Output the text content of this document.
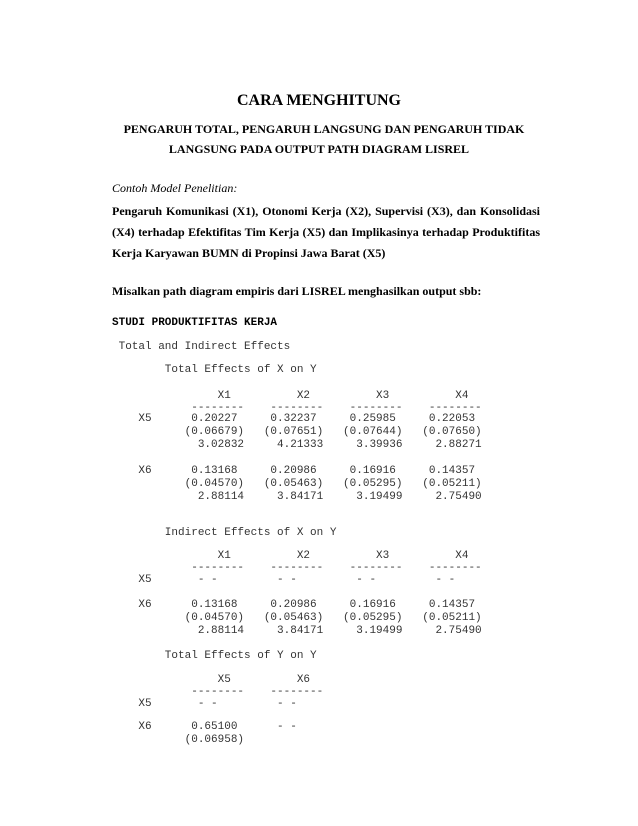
CARA MENGHITUNG
PENGARUH TOTAL, PENGARUH LANGSUNG DAN PENGARUH TIDAK
LANGSUNG PADA OUTPUT PATH DIAGRAM LISREL
Contoh Model Penelitian:
Pengaruh Komunikasi (X1), Otonomi Kerja (X2), Supervisi (X3), dan Konsolidasi
(X4) terhadap Efektifitas Tim Kerja (X5) dan Implikasinya terhadap Produktifitas
Kerja Karyawan BUMN di Propinsi Jawa Barat (X5)
Misalkan path diagram empiris dari LISREL menghasilkan output sbb:
STUDI PRODUKTIFITAS KERJA
Total and Indirect Effects
Total Effects of X on Y
X1          X2          X3          X4
--------    --------    --------    --------
X5      0.20227     0.32237     0.25985     0.22053
(0.06679)   (0.07651)   (0.07644)   (0.07650)
3.02832     4.21333     3.39936     2.88271
X6      0.13168     0.20986     0.16916     0.14357
(0.04570)   (0.05463)   (0.05295)   (0.05211)
2.88114     3.84171     3.19499     2.75490
Indirect Effects of X on Y
X1          X2          X3          X4
--------    --------    --------    --------
X5       - -         - -         - -         - -
X6      0.13168     0.20986     0.16916     0.14357
(0.04570)   (0.05463)   (0.05295)   (0.05211)
2.88114     3.84171     3.19499     2.75490
Total Effects of Y on Y
X5          X6
--------    --------
X5       - -         - -
X6      0.65100      - -
(0.06958)
